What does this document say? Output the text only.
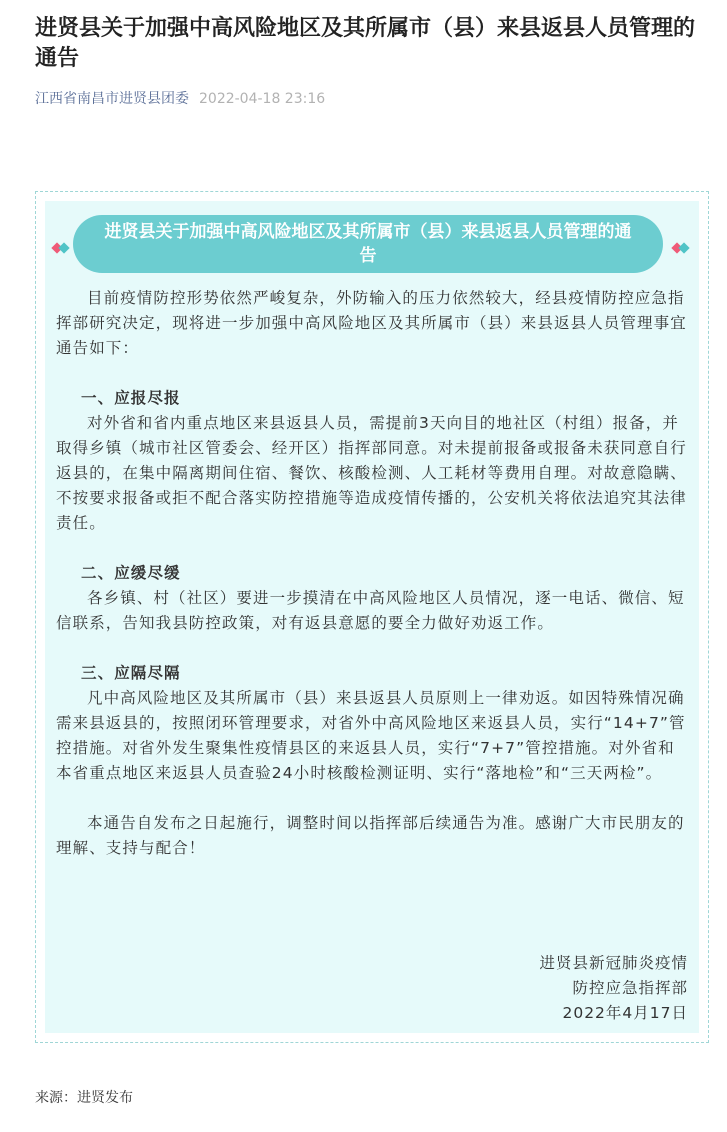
进贤县关于加强中高风险地区及其所属市（县）来县返县人员管理的通告
江西省南昌市进贤县团委 2022-04-18 23:16
进贤县关于加强中高风险地区及其所属市（县）来县返县人员管理的通告

目前疫情防控形势依然严峻复杂，外防输入的压力依然较大，经县疫情防控应急指挥部研究决定，现将进一步加强中高风险地区及其所属市（县）来县返县人员管理事宜通告如下：

一、应报尽报

对外省和省内重点地区来县返县人员，需提前3天向目的地社区（村组）报备，并取得乡镇（城市社区管委会、经开区）指挥部同意。对未提前报备或报备未获同意自行返县的，在集中隔离期间住宿、餐饮、核酸检测、人工耗材等费用自理。对故意隐瞒、不按要求报备或拒不配合落实防控措施等造成疫情传播的，公安机关将依法追究其法律责任。

二、应缓尽缓

各乡镇、村（社区）要进一步摸清在中高风险地区人员情况，逐一电话、微信、短信联系，告知我县防控政策，对有返县意愿的要全力做好劝返工作。

三、应隔尽隔

凡中高风险地区及其所属市（县）来县返县人员原则上一律劝返。如因特殊情况确需来县返县的，按照闭环管理要求，对省外中高风险地区来返县人员，实行“14+7”管控措施。对省外发生聚集性疫情县区的来返县人员，实行“7+7”管控措施。对外省和本省重点地区来返县人员查验24小时核酸检测证明、实行“落地检”和“三天两检”。

本通告自发布之日起施行，调整时间以指挥部后续通告为准。感谢广大市民朋友的理解、支持与配合！

进贤县新冠肺炎疫情
防控应急指挥部
2022年4月17日
来源：进贤发布
